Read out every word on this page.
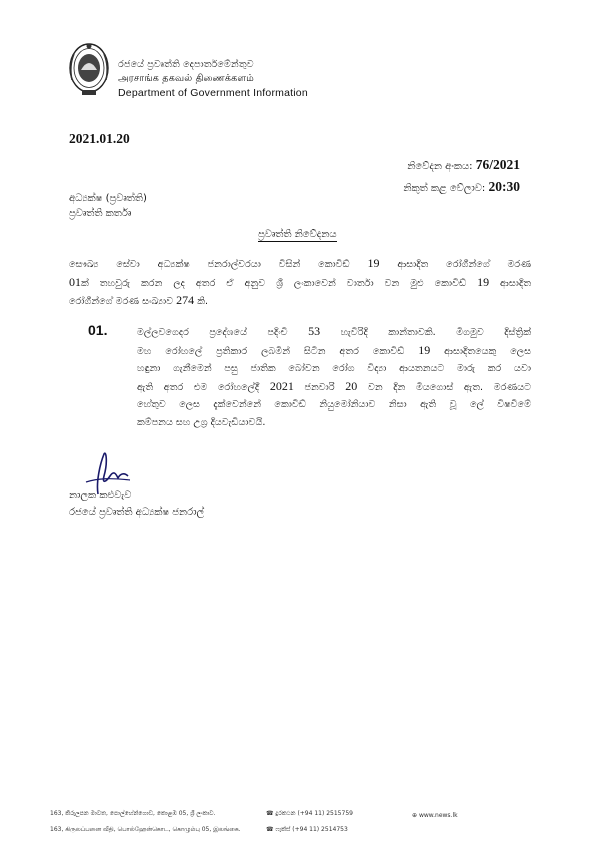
රජයේ ප්‍රවෘත්ති දෙපාර්තමේන්තුව
அரசாங்க தகவல் திணைக்களம்
Department of Government Information
2021.01.20
නිවේදන අංකය: 76/2021
නිකුත් කළ වේලාව: 20:30
අධ්‍යක්ෂ (ප්‍රවෘත්ති)
ප්‍රවෘත්ති කර්තෘ
ප්‍රවෘත්ති නිවේදනය
සෞඛ්‍ය සේවා අධ්‍යක්ෂ ජනරාල්වරයා විසින් කොවිඩ් 19 ආසාදිත රෝගීන්ගේ මරණ
01ක් තහවුරු කරන ලද අතර ඒ අනුව ශ්‍රී ලංකාවෙන් වාර්තා වන මුළු කොවිඩ් 19 ආසාදිත
රෝගීන්ගේ මරණ සංඛ්‍යාව 274 කි.
01.	මල්ලවගෙදර ප්‍රදේශයේ පදිංචි 53 හැවිරිදි කාන්තාවකි. මිගමුව දිස්ත්‍රික්
මහ රෝහලේ ප්‍රතිකාර ලබමින් සිටින අතර කොවිඩ් 19 ආසාදිතයෙකු ලෙස
හඳුනා ගැනීමෙන් පසු ජාතික බෝවන රෝග විද්‍යා ආයතනයට මාරු කර යවා
ඇති අතර එම රෝහලේදී 2021 ජනවාරි 20 වන දින මියගොස් ඇත. මරණයට
හේතුව ලෙස දැක්වෙන්නේ කොවිඩ් නියුමෝනියාව නිසා ඇති වූ ලේ විෂවීමේ
කම්පනය සහ උග්‍ර දියවැඩියාවයි.
නාලක කළුවැව
රජයේ ප්‍රවෘත්ති අධ්‍යක්ෂ ජනරාල්
163, කිරුලපන මාවත, පොල්හේන්ගොඩ, කොළඹ 05, ශ්‍රී ලංකාව.
163, கிருலப்பனை வீதி, பொல்ஹேன்கொட, கொழும்பு 05, இலங்கை.
☎ දුරකථන (+94 11) 2515759
☎ ෆැක්ස් (+94 11) 2514753
⊕ www.news.lk
